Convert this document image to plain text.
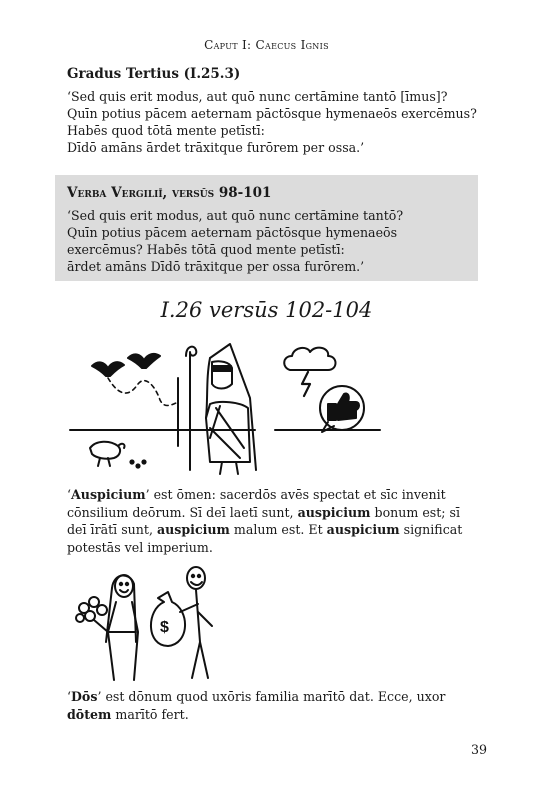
Caput I: Caecus Ignis
Gradus Tertius (I.25.3)
‘Sed quis erit modus, aut quō nunc certāmine tantō [īmus]?
Quīn potius pācem aeternam pāctōsque hymenaeōs exercēmus?
Habēs quod tōtā mente petīstī:
Dīdō amāns ārdet trāxitque furōrem per ossa.’
Verba Vergiliī, versūs 98-101
‘Sed quis erit modus, aut quō nunc certāmine tantō?
Quīn potius pācem aeternam pāctōsque hymenaeōs
exercēmus? Habēs tōtā quod mente petīstī:
ārdet amāns Dīdō trāxitque per ossa furōrem.’
I.26 versūs 102-104
‘Auspicium’ est ōmen: sacerdōs avēs spectat et sīc invenit
cōnsilium deōrum. Sī deī laetī sunt, auspicium bonum est; sī
deī īrātī sunt, auspicium malum est. Et auspicium significat
potestās vel imperium.
$
‘Dōs’ est dōnum quod uxōris familia marītō dat. Ecce, uxor
dōtem marītō fert.
39
